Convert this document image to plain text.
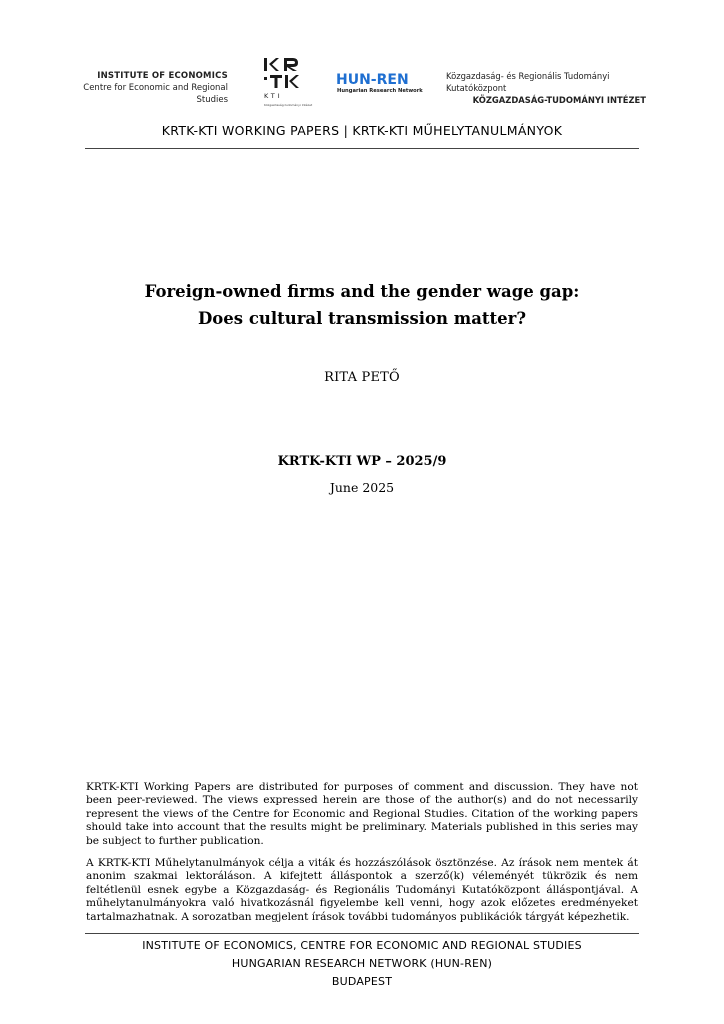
INSTITUTE OF ECONOMICS
Centre for Economic and Regional Studies	KTI
Közgazdaság-tudományi Intézet
HUN-REN
Hungarian Research Network
Közgazdaság- és Regionális Tudományi Kutatóközpont
KÖZGAZDASÁG-TUDOMÁNYI INTÉZET
KRTK-KTI WORKING PAPERS | KRTK-KTI MŰHELYTANULMÁNYOK
Foreign-owned firms and the gender wage gap:
Does cultural transmission matter?
RITA PETŐ
KRTK-KTI WP – 2025/9
June 2025
KRTK-KTI Working Papers are distributed for purposes of comment and discussion. They have not been peer-reviewed. The views expressed herein are those of the author(s) and do not necessarily represent the views of the Centre for Economic and Regional Studies. Citation of the working papers should take into account that the results might be preliminary. Materials published in this series may be subject to further publication.
A KRTK-KTI Műhelytanulmányok célja a viták és hozzászólások ösztönzése. Az írások nem mentek át anonim szakmai lektoráláson. A kifejtett álláspontok a szerző(k) véleményét tükrözik és nem feltétlenül esnek egybe a Közgazdaság- és Regionális Tudományi Kutatóközpont álláspontjával. A műhelytanulmányokra való hivatkozásnál figyelembe kell venni, hogy azok előzetes eredményeket tartalmazhatnak. A sorozatban megjelent írások további tudományos publikációk tárgyát képezhetik.
INSTITUTE OF ECONOMICS, CENTRE FOR ECONOMIC AND REGIONAL STUDIES
HUNGARIAN RESEARCH NETWORK (HUN-REN)
BUDAPEST
